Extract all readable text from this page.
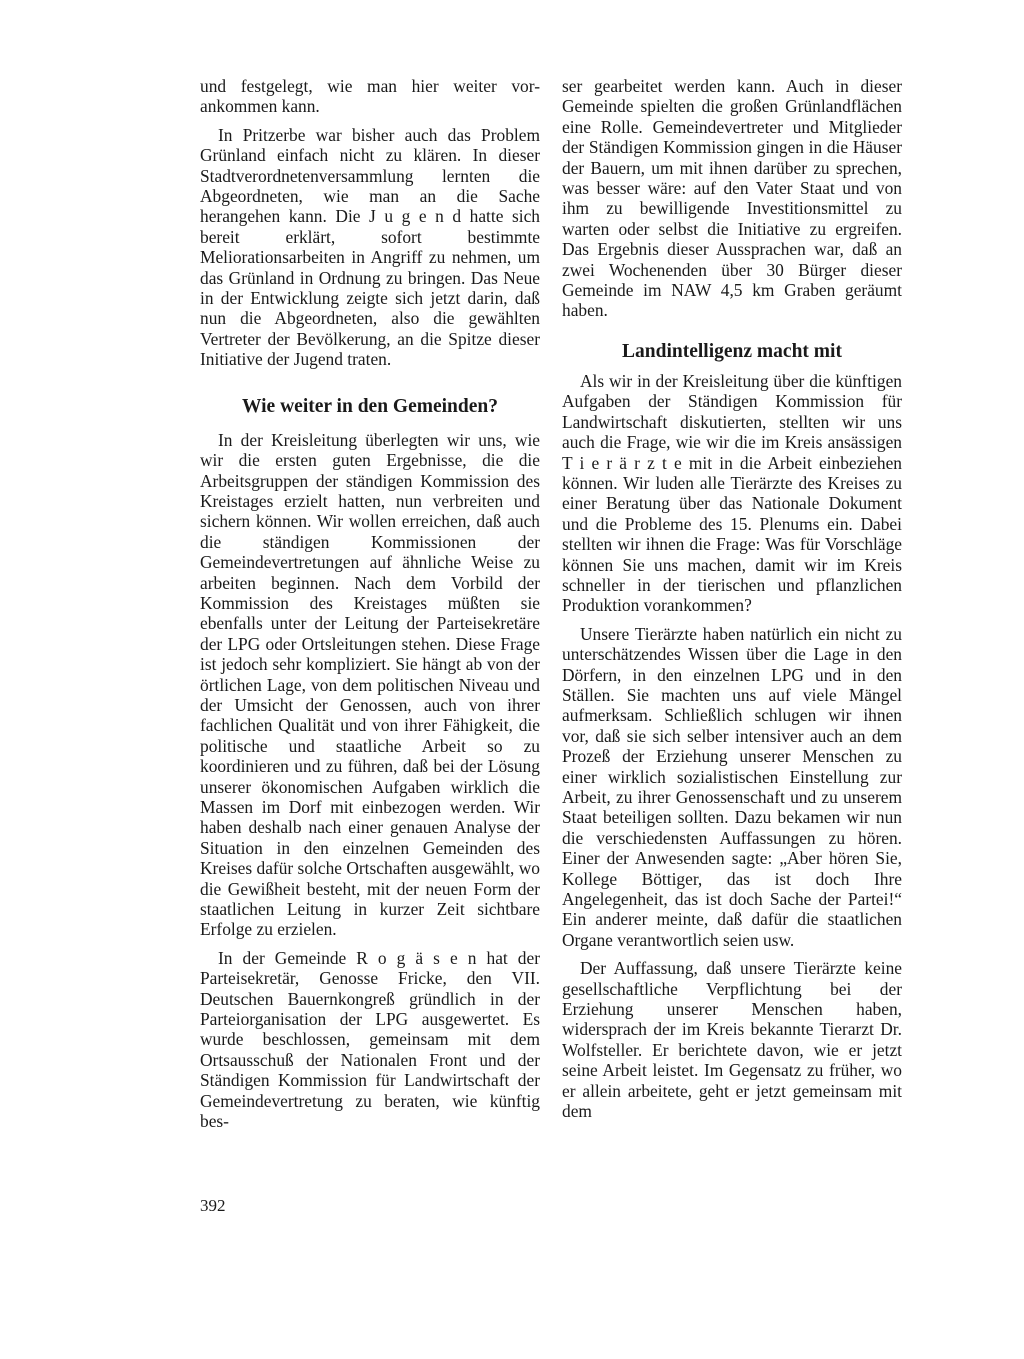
und festgelegt, wie man hier weiter vor-ankommen kann.

In Pritzerbe war bisher auch das Problem Grünland einfach nicht zu klären. In dieser Stadtverordnetenversammlung lernten die Abgeordneten, wie man an die Sache herangehen kann. Die J u g e n d hatte sich bereit erklärt, sofort bestimmte Meliorationsarbeiten in Angriff zu nehmen, um das Grünland in Ordnung zu bringen. Das Neue in der Entwicklung zeigte sich jetzt darin, daß nun die Abgeordneten, also die gewählten Vertreter der Bevölkerung, an die Spitze dieser Initiative der Jugend traten.

Wie weiter in den Gemeinden?

In der Kreisleitung überlegten wir uns, wie wir die ersten guten Ergebnisse, die die Arbeitsgruppen der ständigen Kommission des Kreistages erzielt hatten, nun verbreiten und sichern können. Wir wollen erreichen, daß auch die ständigen Kommissionen der Gemeindevertretungen auf ähnliche Weise zu arbeiten beginnen. Nach dem Vorbild der Kommission des Kreistages müßten sie ebenfalls unter der Leitung der Parteisekretäre der LPG oder Ortsleitungen stehen. Diese Frage ist jedoch sehr kompliziert. Sie hängt ab von der örtlichen Lage, von dem politischen Niveau und der Umsicht der Genossen, auch von ihrer fachlichen Qualität und von ihrer Fähigkeit, die politische und staatliche Arbeit so zu koordinieren und zu führen, daß bei der Lösung unserer ökonomischen Aufgaben wirklich die Massen im Dorf mit einbezogen werden. Wir haben deshalb nach einer genauen Analyse der Situation in den einzelnen Gemeinden des Kreises dafür solche Ortschaften ausgewählt, wo die Gewißheit besteht, mit der neuen Form der staatlichen Leitung in kurzer Zeit sichtbare Erfolge zu erzielen.

In der Gemeinde R o g ä s e n hat der Parteisekretär, Genosse Fricke, den VII. Deutschen Bauernkongreß gründlich in der Parteiorganisation der LPG ausgewertet. Es wurde beschlossen, gemeinsam mit dem Ortsausschuß der Nationalen Front und der Ständigen Kommission für Landwirtschaft der Gemeindevertretung zu beraten, wie künftig bes-

ser gearbeitet werden kann. Auch in dieser Gemeinde spielten die großen Grünlandflächen eine Rolle. Gemeindevertreter und Mitglieder der Ständigen Kommission gingen in die Häuser der Bauern, um mit ihnen darüber zu sprechen, was besser wäre: auf den Vater Staat und von ihm zu bewilligende Investitionsmittel zu warten oder selbst die Initiative zu ergreifen. Das Ergebnis dieser Aussprachen war, daß an zwei Wochenenden über 30 Bürger dieser Gemeinde im NAW 4,5 km Graben geräumt haben.

Landintelligenz macht mit

Als wir in der Kreisleitung über die künftigen Aufgaben der Ständigen Kommission für Landwirtschaft diskutierten, stellten wir uns auch die Frage, wie wir die im Kreis ansässigen T i e r ä r z t e mit in die Arbeit einbeziehen können. Wir luden alle Tierärzte des Kreises zu einer Beratung über das Nationale Dokument und die Probleme des 15. Plenums ein. Dabei stellten wir ihnen die Frage: Was für Vorschläge können Sie uns machen, damit wir im Kreis schneller in der tierischen und pflanzlichen Produktion vorankommen?

Unsere Tierärzte haben natürlich ein nicht zu unterschätzendes Wissen über die Lage in den Dörfern, in den einzelnen LPG und in den Ställen. Sie machten uns auf viele Mängel aufmerksam. Schließlich schlugen wir ihnen vor, daß sie sich selber intensiver auch an dem Prozeß der Erziehung unserer Menschen zu einer wirklich sozialistischen Einstellung zur Arbeit, zu ihrer Genossenschaft und zu unserem Staat beteiligen sollten. Dazu bekamen wir nun die verschiedensten Auffassungen zu hören. Einer der Anwesenden sagte: „Aber hören Sie, Kollege Böttiger, das ist doch Ihre Angelegenheit, das ist doch Sache der Partei!“ Ein anderer meinte, daß dafür die staatlichen Organe verantwortlich seien usw.

Der Auffassung, daß unsere Tierärzte keine gesellschaftliche Verpflichtung bei der Erziehung unserer Menschen haben, widersprach der im Kreis bekannte Tierarzt Dr. Wolfsteller. Er berichtete davon, wie er jetzt seine Arbeit leistet. Im Gegensatz zu früher, wo er allein arbeitete, geht er jetzt gemeinsam mit dem

392
